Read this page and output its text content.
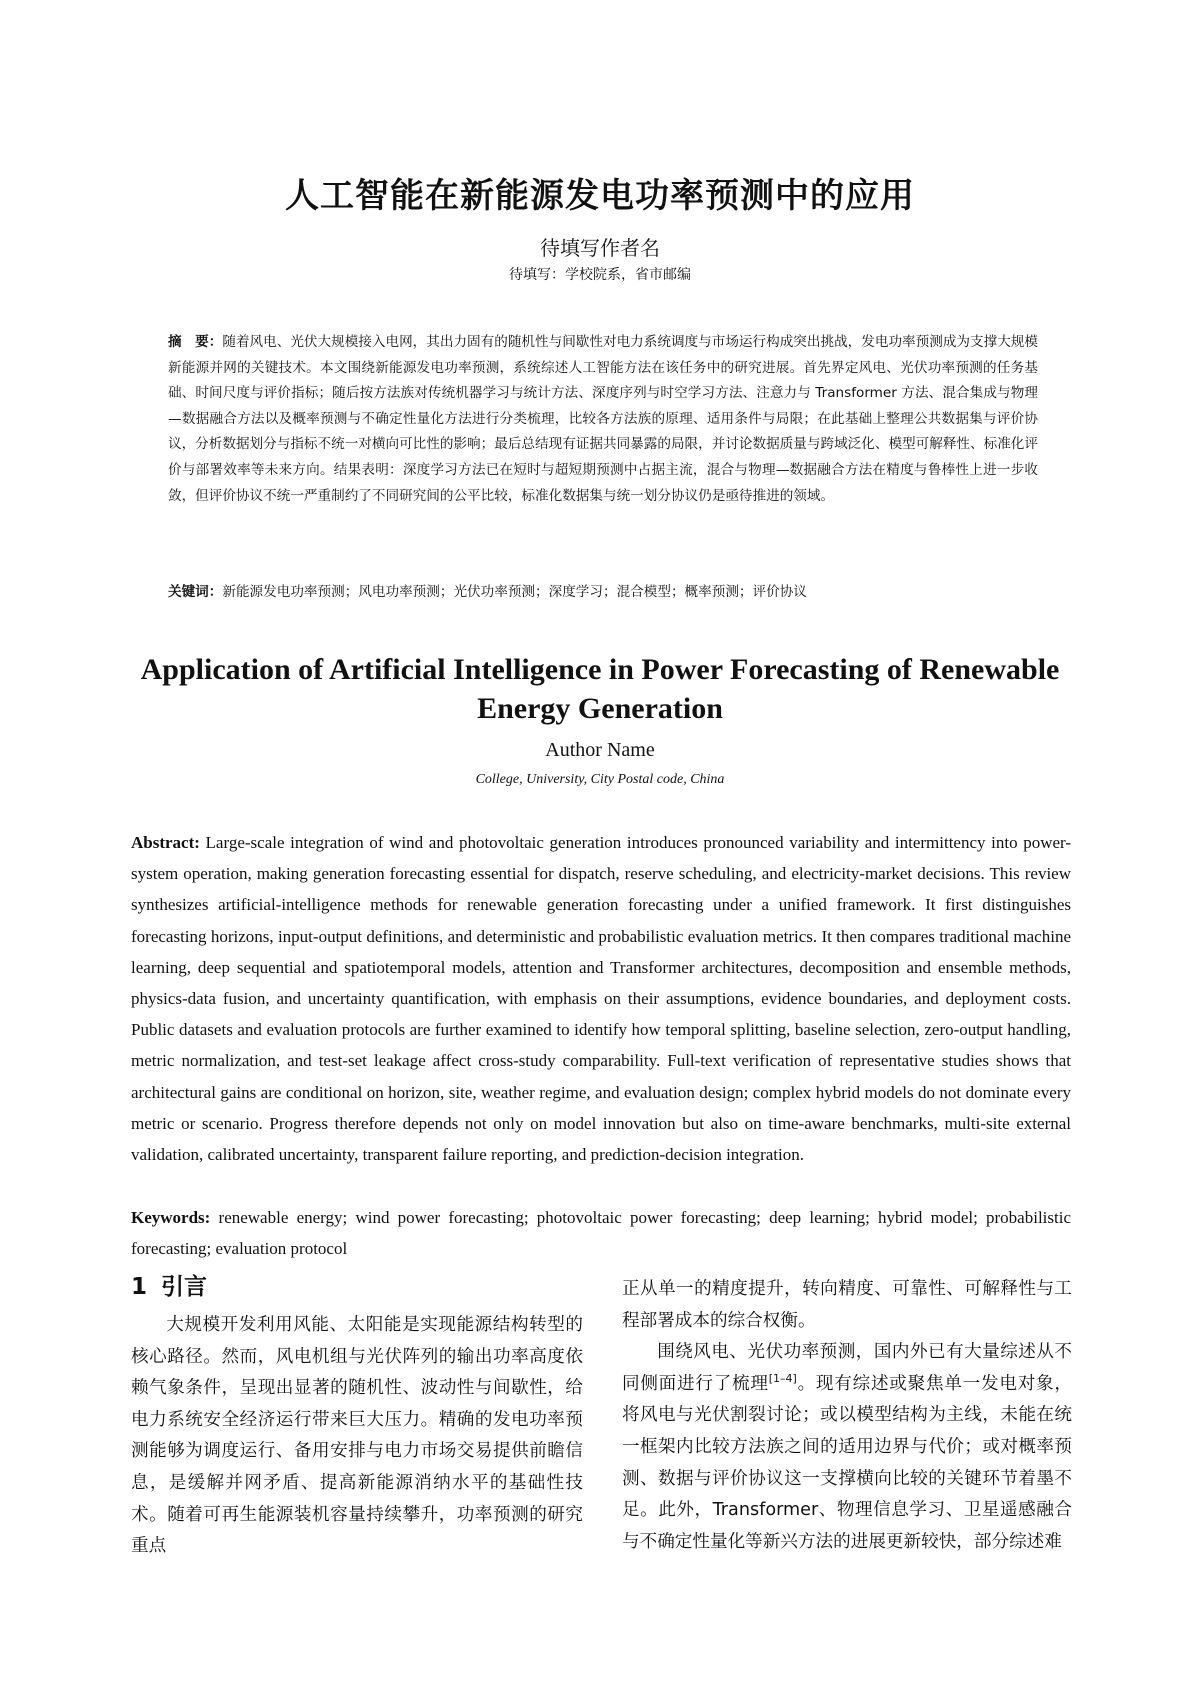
人工智能在新能源发电功率预测中的应用

待填写作者名

待填写：学校院系，省市邮编

摘　要：随着风电、光伏大规模接入电网，其出力固有的随机性与间歇性对电力系统调度与市场运行构成突出挑战，发电功率预测成为支撑大规模新能源并网的关键技术。本文围绕新能源发电功率预测，系统综述人工智能方法在该任务中的研究进展。首先界定风电、光伏功率预测的任务基础、时间尺度与评价指标；随后按方法族对传统机器学习与统计方法、深度序列与时空学习方法、注意力与 Transformer 方法、混合集成与物理—数据融合方法以及概率预测与不确定性量化方法进行分类梳理，比较各方法族的原理、适用条件与局限；在此基础上整理公共数据集与评价协议，分析数据划分与指标不统一对横向可比性的影响；最后总结现有证据共同暴露的局限，并讨论数据质量与跨域泛化、模型可解释性、标准化评价与部署效率等未来方向。结果表明：深度学习方法已在短时与超短期预测中占据主流，混合与物理—数据融合方法在精度与鲁棒性上进一步收敛，但评价协议不统一严重制约了不同研究间的公平比较，标准化数据集与统一划分协议仍是亟待推进的领域。

关键词：新能源发电功率预测；风电功率预测；光伏功率预测；深度学习；混合模型；概率预测；评价协议

Application of Artificial Intelligence in Power Forecasting of Renewable Energy Generation

Author Name

College, University, City Postal code, China

Abstract: Large-scale integration of wind and photovoltaic generation introduces pronounced variability and intermittency into power-system operation, making generation forecasting essential for dispatch, reserve scheduling, and electricity-market decisions. This review synthesizes artificial-intelligence methods for renewable generation forecasting under a unified framework. It first distinguishes forecasting horizons, input-output definitions, and deterministic and probabilistic evaluation metrics. It then compares traditional machine learning, deep sequential and spatiotemporal models, attention and Transformer architectures, decomposition and ensemble methods, physics-data fusion, and uncertainty quantification, with emphasis on their assumptions, evidence boundaries, and deployment costs. Public datasets and evaluation protocols are further examined to identify how temporal splitting, baseline selection, zero-output handling, metric normalization, and test-set leakage affect cross-study comparability. Full-text verification of representative studies shows that architectural gains are conditional on horizon, site, weather regime, and evaluation design; complex hybrid models do not dominate every metric or scenario. Progress therefore depends not only on model innovation but also on time-aware benchmarks, multi-site external validation, calibrated uncertainty, transparent failure reporting, and prediction-decision integration.

Keywords: renewable energy; wind power forecasting; photovoltaic power forecasting; deep learning; hybrid model; probabilistic forecasting; evaluation protocol

1 引言

大规模开发利用风能、太阳能是实现能源结构转型的核心路径。然而，风电机组与光伏阵列的输出功率高度依赖气象条件，呈现出显著的随机性、波动性与间歇性，给电力系统安全经济运行带来巨大压力。精确的发电功率预测能够为调度运行、备用安排与电力市场交易提供前瞻信息，是缓解并网矛盾、提高新能源消纳水平的基础性技术。随着可再生能源装机容量持续攀升，功率预测的研究重点

正从单一的精度提升，转向精度、可靠性、可解释性与工程部署成本的综合权衡。

围绕风电、光伏功率预测，国内外已有大量综述从不同侧面进行了梳理[1–4]。现有综述或聚焦单一发电对象，将风电与光伏割裂讨论；或以模型结构为主线，未能在统一框架内比较方法族之间的适用边界与代价；或对概率预测、数据与评价协议这一支撑横向比较的关键环节着墨不足。此外，Transformer、物理信息学习、卫星遥感融合与不确定性量化等新兴方法的进展更新较快，部分综述难
